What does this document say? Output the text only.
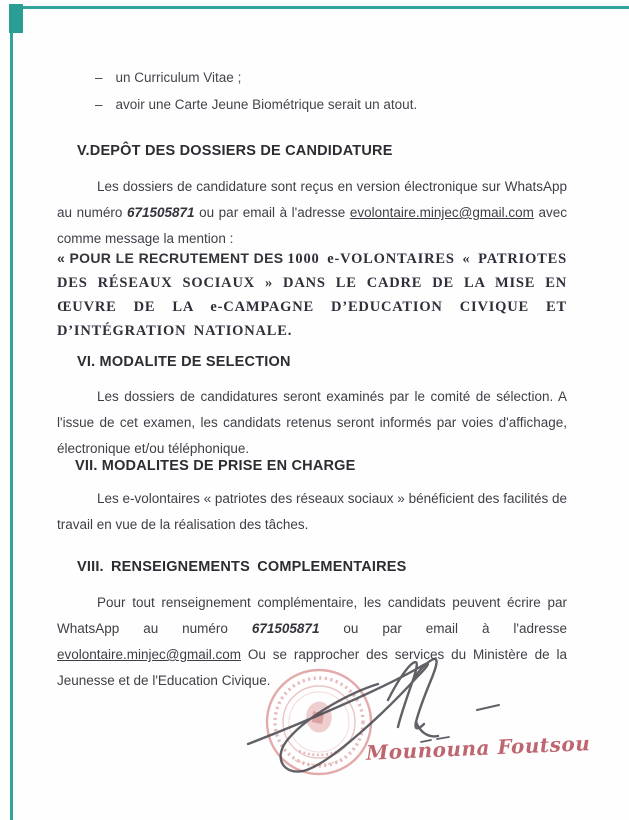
– un Curriculum Vitae ;
– avoir une Carte Jeune Biométrique serait un atout.
V.DEPÔT DES DOSSIERS DE CANDIDATURE

Les dossiers de candidature sont reçus en version électronique sur WhatsApp au numéro 671505871 ou par email à l'adresse evolontaire.minjec@gmail.com avec comme message la mention :

« POUR LE RECRUTEMENT DES 1000 e-VOLONTAIRES « PATRIOTES DES RÉSEAUX SOCIAUX » DANS LE CADRE DE LA MISE EN ŒUVRE DE LA e-CAMPAGNE D’EDUCATION CIVIQUE ET D’INTÉGRATION NATIONALE.

VI. MODALITE DE SELECTION

Les dossiers de candidatures seront examinés par le comité de sélection. A l'issue de cet examen, les candidats retenus seront informés par voies d'affichage, électronique et/ou téléphonique.

VII. MODALITES DE PRISE EN CHARGE

Les e-volontaires « patriotes des réseaux sociaux » bénéficient des facilités de travail en vue de la réalisation des tâches.

VIII. RENSEIGNEMENTS COMPLEMENTAIRES

Pour tout renseignement complémentaire, les candidats peuvent écrire par WhatsApp au numéro 671505871 ou par email à l'adresse evolontaire.minjec@gmail.com Ou se rapprocher des services du Ministère de la Jeunesse et de l'Education Civique.

Mounouna Foutsou
